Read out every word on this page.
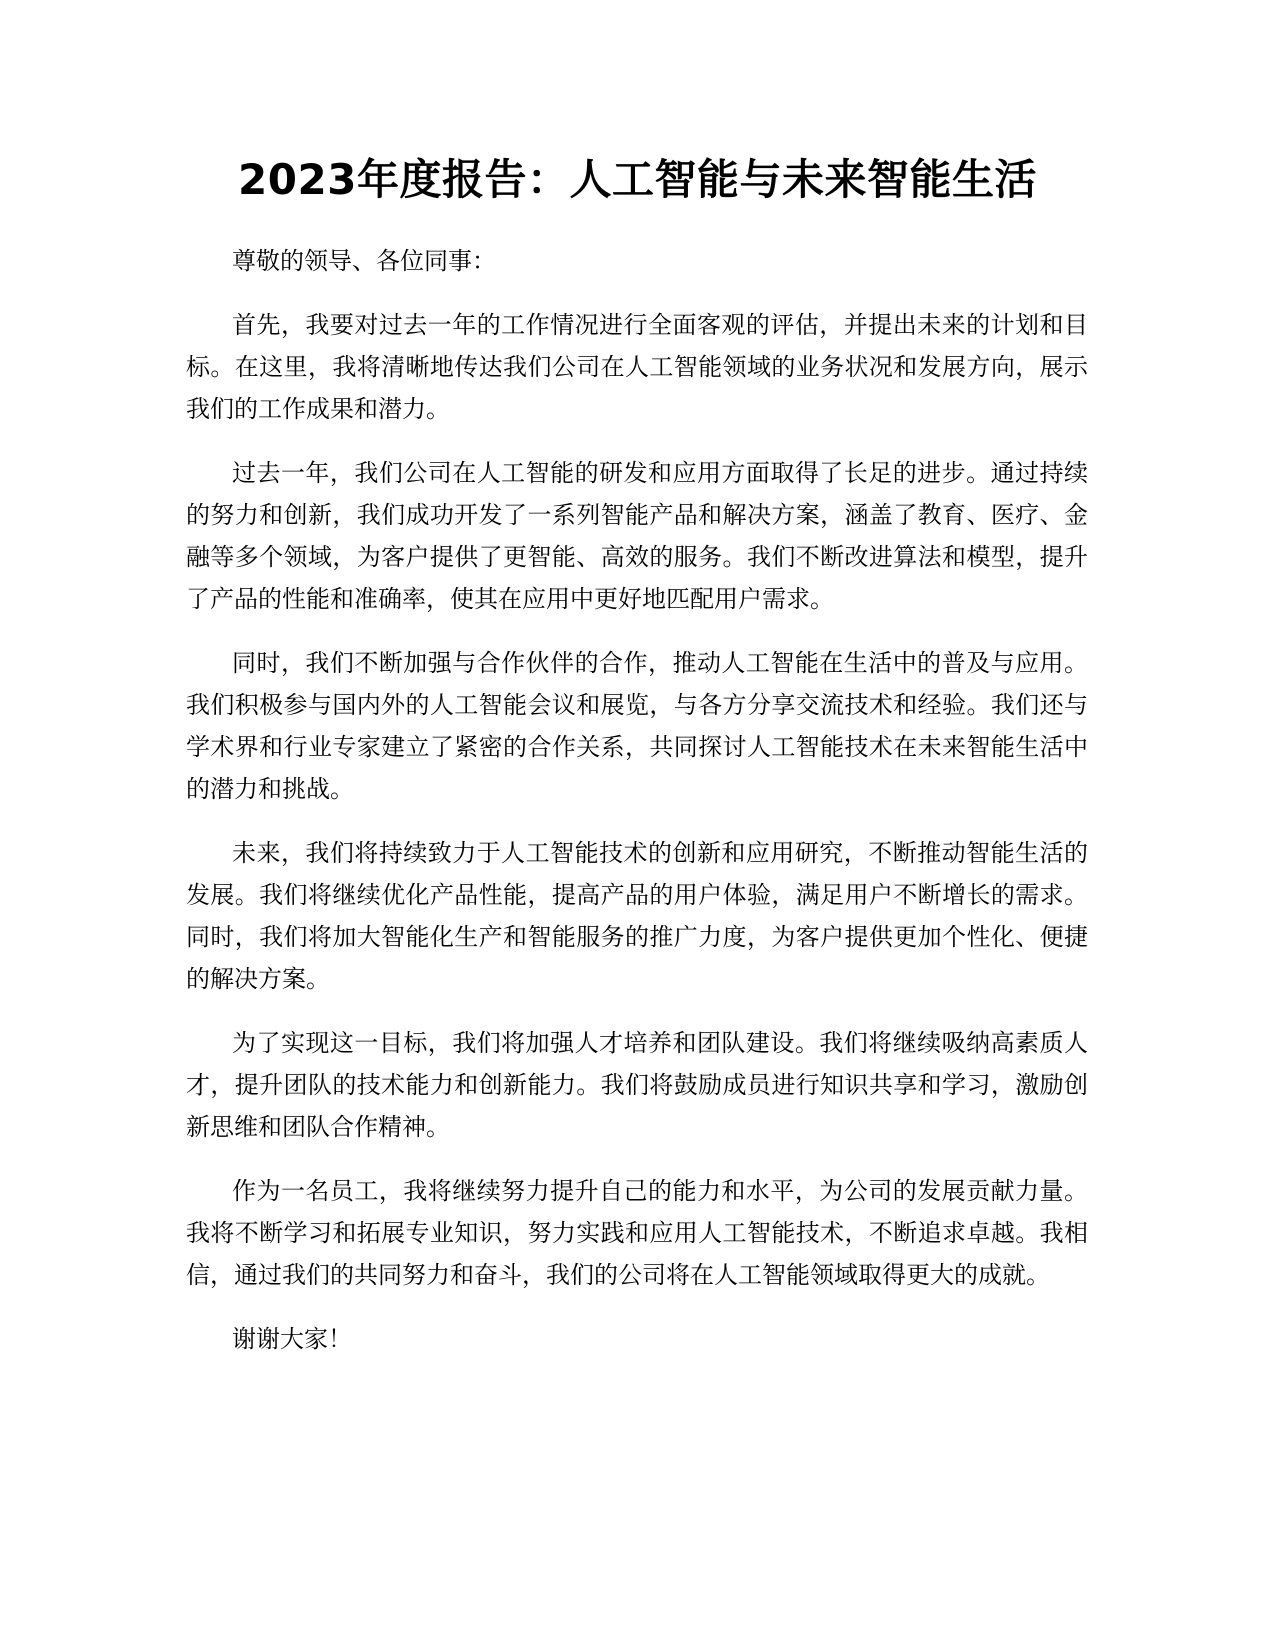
2023年度报告：人工智能与未来智能生活

尊敬的领导、各位同事：

首先，我要对过去一年的工作情况进行全面客观的评估，并提出未来的计划和目标。在这里，我将清晰地传达我们公司在人工智能领域的业务状况和发展方向，展示我们的工作成果和潜力。

过去一年，我们公司在人工智能的研发和应用方面取得了长足的进步。通过持续的努力和创新，我们成功开发了一系列智能产品和解决方案，涵盖了教育、医疗、金融等多个领域，为客户提供了更智能、高效的服务。我们不断改进算法和模型，提升了产品的性能和准确率，使其在应用中更好地匹配用户需求。

同时，我们不断加强与合作伙伴的合作，推动人工智能在生活中的普及与应用。我们积极参与国内外的人工智能会议和展览，与各方分享交流技术和经验。我们还与学术界和行业专家建立了紧密的合作关系，共同探讨人工智能技术在未来智能生活中的潜力和挑战。

未来，我们将持续致力于人工智能技术的创新和应用研究，不断推动智能生活的发展。我们将继续优化产品性能，提高产品的用户体验，满足用户不断增长的需求。同时，我们将加大智能化生产和智能服务的推广力度，为客户提供更加个性化、便捷的解决方案。

为了实现这一目标，我们将加强人才培养和团队建设。我们将继续吸纳高素质人才，提升团队的技术能力和创新能力。我们将鼓励成员进行知识共享和学习，激励创新思维和团队合作精神。

作为一名员工，我将继续努力提升自己的能力和水平，为公司的发展贡献力量。我将不断学习和拓展专业知识，努力实践和应用人工智能技术，不断追求卓越。我相信，通过我们的共同努力和奋斗，我们的公司将在人工智能领域取得更大的成就。

谢谢大家！
